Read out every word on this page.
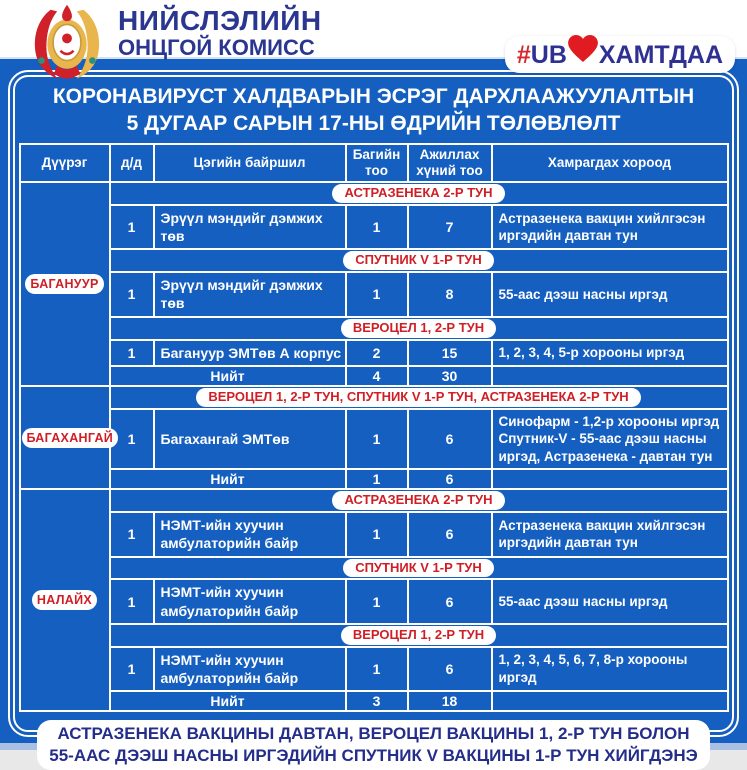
НИЙСЛЭЛИЙН
ОНЦГОЙ КОМИСС	# UB ХАМТДАА
КОРОНАВИРУСТ ХАЛДВАРЫН ЭСРЭГ ДАРХЛААЖУУЛАЛТЫН
5 ДУГААР САРЫН 17-НЫ ӨДРИЙН ТӨЛӨВЛӨЛТ
Дүүрэг	д/д	Цэгийн байршил	Багийн тоо	Ажиллах хүний тоо	Хамрагдах хороод
БАГАНУУР	АСТРАЗЕНЕКА 2-Р ТУН				
	1	Эрүүл мэндийг дэмжих төв	1	7	Астразенека вакцин хийлгэсэн иргэдийн давтан тун
	СПУТНИК V 1-Р ТУН				
	1	Эрүүл мэндийг дэмжих төв	1	8	55-аас дээш насны иргэд
	ВЕРОЦЕЛ 1, 2-Р ТУН				
	1	Багануур ЭМТөв А корпус	2	15	1, 2, 3, 4, 5-р хорооны иргэд
	Нийт		4	30	
БАГАХАНГАЙ	ВЕРОЦЕЛ 1, 2-Р ТУН, СПУТНИК V 1-Р ТУН, АСТРАЗЕНЕКА 2-Р ТУН				
	1	Багахангай ЭМТөв	1	6	Синофарм - 1,2-р хорооны иргэд Спутник-V - 55-аас дээш насны иргэд, Астразенека - давтан тун
	Нийт		1	6	
НАЛАЙХ	АСТРАЗЕНЕКА 2-Р ТУН				
	1	НЭМТ-ийн хуучин амбулаторийн байр	1	6	Астразенека вакцин хийлгэсэн иргэдийн давтан тун
	СПУТНИК V 1-Р ТУН				
	1	НЭМТ-ийн хуучин амбулаторийн байр	1	6	55-аас дээш насны иргэд
	ВЕРОЦЕЛ 1, 2-Р ТУН				
	1	НЭМТ-ийн хуучин амбулаторийн байр	1	6	1, 2, 3, 4, 5, 6, 7, 8-р хорооны иргэд
	Нийт		3	18	
АСТРАЗЕНЕКА ВАКЦИНЫ ДАВТАН, ВЕРОЦЕЛ ВАКЦИНЫ 1, 2-Р ТУН БОЛОН
55-ААС ДЭЭШ НАСНЫ ИРГЭДИЙН СПУТНИК V ВАКЦИНЫ 1-Р ТУН ХИЙГДЭНЭ
